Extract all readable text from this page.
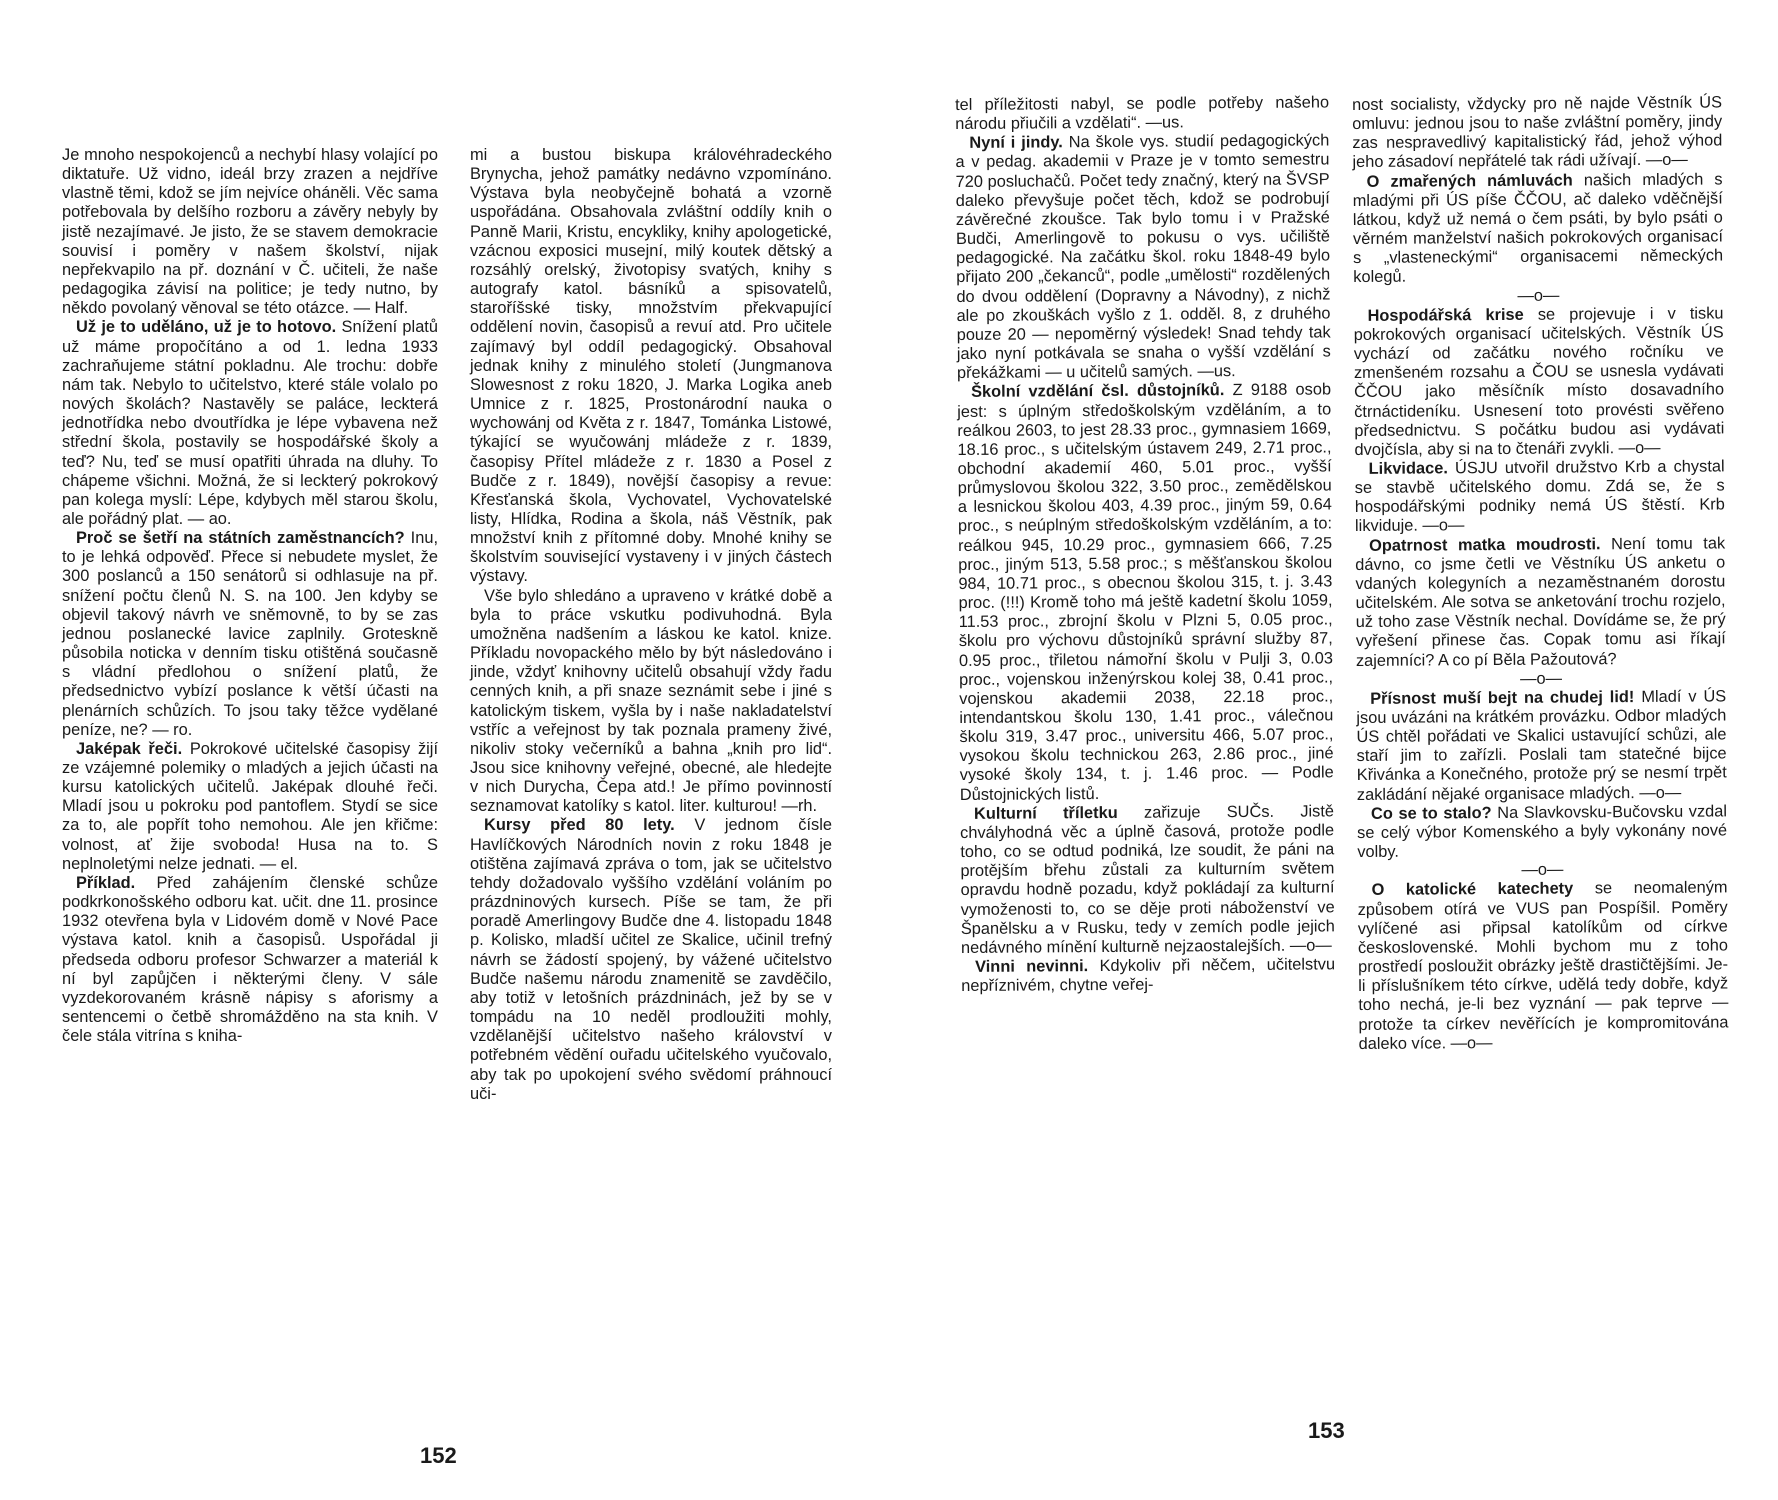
Je mnoho nespokojenců a nechybí hlasy volající po diktatuře. Už vidno, ideál brzy zrazen a nejdříve vlastně těmi, kdož se jím nejvíce oháněli. Věc sama potřebovala by delšího rozboru a závěry nebyly by jistě nezajímavé. Je jisto, že se stavem demokracie souvisí i poměry v našem školství, nijak nepřekvapilo na př. doznání v Č. učiteli, že naše pedagogika závisí na politice; je tedy nutno, by někdo povolaný věnoval se této otázce. — Half.

Už je to uděláno, už je to hotovo. Snížení platů už máme propočítáno a od 1. ledna 1933 zachraňujeme státní pokladnu. Ale trochu: dobře nám tak. Nebylo to učitelstvo, které stále volalo po nových školách? Nastavěly se paláce, leckterá jednotřídka nebo dvoutřídka je lépe vybavena než střední škola, postavily se hospodářské školy a teď? Nu, teď se musí opatřiti úhrada na dluhy. To chápeme všichni. Možná, že si leckterý pokrokový pan kolega myslí: Lépe, kdybych měl starou školu, ale pořádný plat. — ao.

Proč se šetří na státních zaměstnancích? Inu, to je lehká odpověď. Přece si nebudete myslet, že 300 poslanců a 150 senátorů si odhlasuje na př. snížení počtu členů N. S. na 100. Jen kdyby se objevil takový návrh ve sněmovně, to by se zas jednou poslanecké lavice zaplnily. Groteskně působila noticka v denním tisku otištěná současně s vládní předlohou o snížení platů, že předsednictvo vybízí poslance k větší účasti na plenárních schůzích. To jsou taky těžce vydělané peníze, ne? — ro.

Jaképak řeči. Pokrokové učitelské časopisy žijí ze vzájemné polemiky o mladých a jejich účasti na kursu katolických učitelů. Jaképak dlouhé řeči. Mladí jsou u pokroku pod pantoflem. Stydí se sice za to, ale popřít toho nemohou. Ale jen křičme: volnost, ať žije svoboda! Husa na to. S neplnoletými nelze jednati. — el.

Příklad. Před zahájením členské schůze podkrkonošského odboru kat. učit. dne 11. prosince 1932 otevřena byla v Lidovém domě v Nové Pace výstava katol. knih a časopisů. Uspořádal ji předseda odboru profesor Schwarzer a materiál k ní byl zapůjčen i některými členy. V sále vyzdekorovaném krásně nápisy s aforismy a sentencemi o četbě shromážděno na sta knih. V čele stála vitrína s kniha-

mi a bustou biskupa královéhradeckého Brynycha, jehož památky nedávno vzpomínáno. Výstava byla neobyčejně bohatá a vzorně uspořádána. Obsahovala zvláštní oddíly knih o Panně Marii, Kristu, encykliky, knihy apologetické, vzácnou exposici musejní, milý koutek dětský a rozsáhlý orelský, životopisy svatých, knihy s autografy katol. básníků a spisovatelů, staroříšské tisky, množstvím překvapující oddělení novin, časopisů a revuí atd. Pro učitele zajímavý byl oddíl pedagogický. Obsahoval jednak knihy z minulého století (Jungmanova Slowesnost z roku 1820, J. Marka Logika aneb Umnice z r. 1825, Prostonárodní nauka o wychowánj od Květa z r. 1847, Tománka Listowé, týkající se wyučowánj mládeže z r. 1839, časopisy Přítel mládeže z r. 1830 a Posel z Budče z r. 1849), novější časopisy a revue: Křesťanská škola, Vychovatel, Vychovatelské listy, Hlídka, Rodina a škola, náš Věstník, pak množství knih z přítomné doby. Mnohé knihy se školstvím související vystaveny i v jiných částech výstavy.

Vše bylo shledáno a upraveno v krátké době a byla to práce vskutku podivuhodná. Byla umožněna nadšením a láskou ke katol. knize. Příkladu novopackého mělo by být následováno i jinde, vždyť knihovny učitelů obsahují vždy řadu cenných knih, a při snaze seznámit sebe i jiné s katolickým tiskem, vyšla by i naše nakladatelství vstříc a veřejnost by tak poznala prameny živé, nikoliv stoky večerníků a bahna „knih pro lid“. Jsou sice knihovny veřejné, obecné, ale hledejte v nich Durycha, Čepa atd.! Je přímo povinností seznamovat katolíky s katol. liter. kulturou! —rh.

Kursy před 80 lety. V jednom čísle Havlíčkových Národních novin z roku 1848 je otištěna zajímavá zpráva o tom, jak se učitelstvo tehdy dožadovalo vyššího vzdělání voláním po prázdninových kursech. Píše se tam, že při poradě Amerlingovy Budče dne 4. listopadu 1848 p. Kolisko, mladší učitel ze Skalice, učinil trefný návrh se žádostí spojený, by vážené učitelstvo Budče našemu národu znamenitě se zavděčilo, aby totiž v letošních prázdninách, jež by se v tompádu na 10 neděl prodloužiti mohly, vzdělanější učitelstvo našeho království v potřebném vědění ouřadu učitelského vyučovalo, aby tak po upokojení svého svědomí práhnoucí uči-

152

tel příležitosti nabyl, se podle potřeby našeho národu přiučili a vzdělati“. —us.

Nyní i jindy. Na škole vys. studií pedagogických a v pedag. akademii v Praze je v tomto semestru 720 posluchačů. Počet tedy značný, který na ŠVSP daleko převyšuje počet těch, kdož se podrobují závěrečné zkoušce. Tak bylo tomu i v Pražské Budči, Amerlingově to pokusu o vys. učiliště pedagogické. Na začátku škol. roku 1848-49 bylo přijato 200 „čekanců“, podle „umělosti“ rozdělených do dvou oddělení (Dopravny a Návodny), z nichž ale po zkouškách vyšlo z 1. odděl. 8, z druhého pouze 20 — nepoměrný výsledek! Snad tehdy tak jako nyní potkávala se snaha o vyšší vzdělání s překážkami — u učitelů samých. —us.

Školní vzdělání čsl. důstojníků. Z 9188 osob jest: s úplným středoškolským vzděláním, a to reálkou 2603, to jest 28.33 proc., gymnasiem 1669, 18.16 proc., s učitelským ústavem 249, 2.71 proc., obchodní akademií 460, 5.01 proc., vyšší průmyslovou školou 322, 3.50 proc., zemědělskou a lesnickou školou 403, 4.39 proc., jiným 59, 0.64 proc., s neúplným středoškolským vzděláním, a to: reálkou 945, 10.29 proc., gymnasiem 666, 7.25 proc., jiným 513, 5.58 proc.; s měšťanskou školou 984, 10.71 proc., s obecnou školou 315, t. j. 3.43 proc. (!!!) Kromě toho má ještě kadetní školu 1059, 11.53 proc., zbrojní školu v Plzni 5, 0.05 proc., školu pro výchovu důstojníků správní služby 87, 0.95 proc., třiletou námořní školu v Pulji 3, 0.03 proc., vojenskou inženýrskou kolej 38, 0.41 proc., vojenskou akademii 2038, 22.18 proc., intendantskou školu 130, 1.41 proc., válečnou školu 319, 3.47 proc., universitu 466, 5.07 proc., vysokou školu technickou 263, 2.86 proc., jiné vysoké školy 134, t. j. 1.46 proc. — Podle Důstojnických listů.

Kulturní tříletku zařizuje SUČs. Jistě chvályhodná věc a úplně časová, protože podle toho, co se odtud podniká, lze soudit, že páni na protějším břehu zůstali za kulturním světem opravdu hodně pozadu, když pokládají za kulturní vymoženosti to, co se děje proti náboženství ve Španělsku a v Rusku, tedy v zemích podle jejich nedávného mínění kulturně nejzaostalejších. —o—

Vinni nevinni. Kdykoliv při něčem, učitelstvu nepříznivém, chytne veřej-

nost socialisty, vždycky pro ně najde Věstník ÚS omluvu: jednou jsou to naše zvláštní poměry, jindy zas nespravedlivý kapitalistický řád, jehož výhod jeho zásadoví nepřátelé tak rádi užívají. —o—

O zmařených námluvách našich mladých s mladými při ÚS píše ČČOU, ač daleko vděčnější látkou, když už nemá o čem psáti, by bylo psáti o věrném manželství našich pokrokových organisací s „vlasteneckými“ organisacemi německých kolegů.

—o—

Hospodářská krise se projevuje i v tisku pokrokových organisací učitelských. Věstník ÚS vychází od začátku nového ročníku ve zmenšeném rozsahu a ČOU se usnesla vydávati ČČOU jako měsíčník místo dosavadního čtrnáctideníku. Usnesení toto provésti svěřeno předsednictvu. S počátku budou asi vydávati dvojčísla, aby si na to čtenáři zvykli. —o—

Likvidace. ÚSJU utvořil družstvo Krb a chystal se stavbě učitelského domu. Zdá se, že s hospodářskými podniky nemá ÚS štěstí. Krb likviduje. —o—

Opatrnost matka moudrosti. Není tomu tak dávno, co jsme četli ve Věstníku ÚS anketu o vdaných kolegyních a nezaměstnaném dorostu učitelském. Ale sotva se anketování trochu rozjelo, už toho zase Věstník nechal. Dovídáme se, že prý vyřešení přinese čas. Copak tomu asi říkají zajemníci? A co pí Běla Pažoutová?

—o—

Přísnost muší bejt na chudej lid! Mladí v ÚS jsou uvázáni na krátkém provázku. Odbor mladých ÚS chtěl pořádati ve Skalici ustavující schůzi, ale staří jim to zařízli. Poslali tam statečné bijce Křivánka a Konečného, protože prý se nesmí trpět zakládání nějaké organisace mladých. —o—

Co se to stalo? Na Slavkovsku-Bučovsku vzdal se celý výbor Komenského a byly vykonány nové volby.

—o—

O katolické katechety se neomaleným způsobem otírá ve VUS pan Pospíšil. Poměry vylíčené asi připsal katolíkům od církve československé. Mohli bychom mu z toho prostředí posloužit obrázky ještě drastičtějšími. Je-li příslušníkem této církve, udělá tedy dobře, když toho nechá, je-li bez vyznání — pak teprve — protože ta církev nevěřících je kompromitována daleko více. —o—

153
